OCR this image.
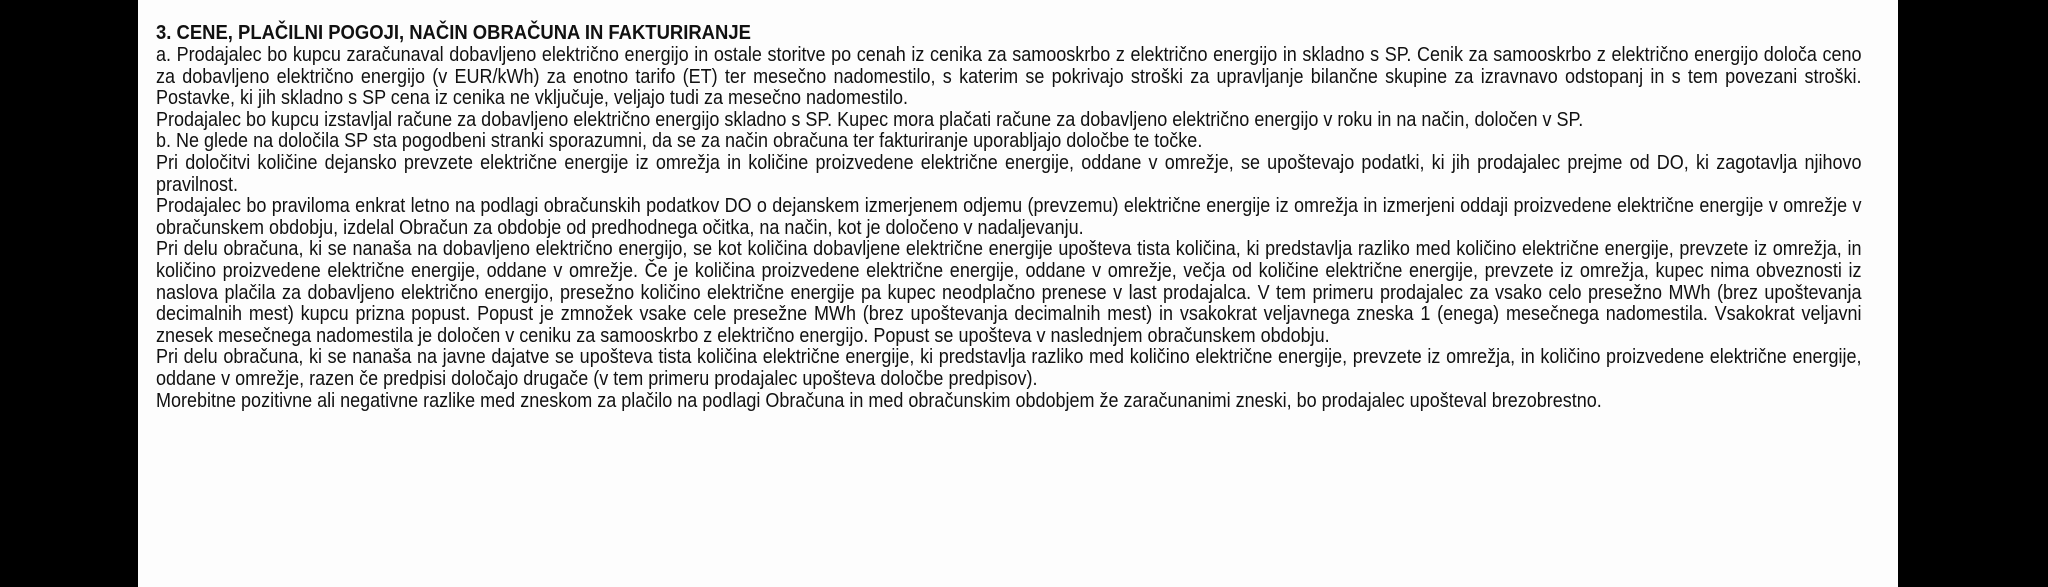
3. CENE, PLAČILNI POGOJI, NAČIN OBRAČUNA IN FAKTURIRANJE

a. Prodajalec bo kupcu zaračunaval dobavljeno električno energijo in ostale storitve po cenah iz cenika za samooskrbo z električno energijo in skladno s SP. Cenik za samooskrbo z električno energijo določa ceno za dobavljeno električno energijo (v EUR/kWh) za enotno tarifo (ET) ter mesečno nadomestilo, s katerim se pokrivajo stroški za upravljanje bilančne skupine za izravnavo odstopanj in s tem povezani stroški. Postavke, ki jih skladno s SP cena iz cenika ne vključuje, veljajo tudi za mesečno nadomestilo.

Prodajalec bo kupcu izstavljal račune za dobavljeno električno energijo skladno s SP. Kupec mora plačati račune za dobavljeno električno energijo v roku in na način, določen v SP.

b. Ne glede na določila SP sta pogodbeni stranki sporazumni, da se za način obračuna ter fakturiranje uporabljajo določbe te točke.

Pri določitvi količine dejansko prevzete električne energije iz omrežja in količine proizvedene električne energije, oddane v omrežje, se upoštevajo podatki, ki jih prodajalec prejme od DO, ki zagotavlja njihovo pravilnost.

Prodajalec bo praviloma enkrat letno na podlagi obračunskih podatkov DO o dejanskem izmerjenem odjemu (prevzemu) električne energije iz omrežja in izmerjeni oddaji proizvedene električne energije v omrežje v obračunskem obdobju, izdelal Obračun za obdobje od predhodnega očitka, na način, kot je določeno v nadaljevanju.

Pri delu obračuna, ki se nanaša na dobavljeno električno energijo, se kot količina dobavljene električne energije upošteva tista količina, ki predstavlja razliko med količino električne energije, prevzete iz omrežja, in količino proizvedene električne energije, oddane v omrežje. Če je količina proizvedene električne energije, oddane v omrežje, večja od količine električne energije, prevzete iz omrežja, kupec nima obveznosti iz naslova plačila za dobavljeno električno energijo, presežno količino električne energije pa kupec neodplačno prenese v last prodajalca. V tem primeru prodajalec za vsako celo presežno MWh (brez upoštevanja decimalnih mest) kupcu prizna popust. Popust je zmnožek vsake cele presežne MWh (brez upoštevanja decimalnih mest) in vsakokrat veljavnega zneska 1 (enega) mesečnega nadomestila. Vsakokrat veljavni znesek mesečnega nadomestila je določen v ceniku za samooskrbo z električno energijo. Popust se upošteva v naslednjem obračunskem obdobju.

Pri delu obračuna, ki se nanaša na javne dajatve se upošteva tista količina električne energije, ki predstavlja razliko med količino električne energije, prevzete iz omrežja, in količino proizvedene električne energije, oddane v omrežje, razen če predpisi določajo drugače (v tem primeru prodajalec upošteva določbe predpisov).

Morebitne pozitivne ali negativne razlike med zneskom za plačilo na podlagi Obračuna in med obračunskim obdobjem že zaračunanimi zneski, bo prodajalec upošteval brezobrestno.
